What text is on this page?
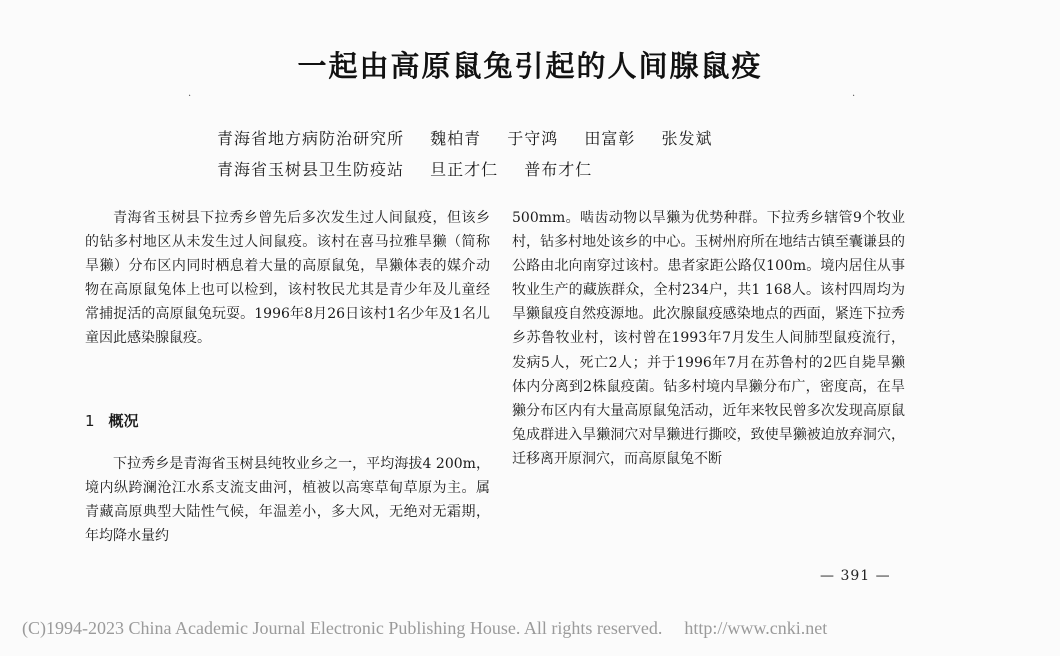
一起由高原鼠兔引起的人间腺鼠疫
.	.
青海省地方病防治研究所 魏柏青 于守鸿 田富彰 张发斌
青海省玉树县卫生防疫站 旦正才仁 普布才仁

青海省玉树县下拉秀乡曾先后多次发生过人间鼠疫，但该乡的钻多村地区从未发生过人间鼠疫。该村在喜马拉雅旱獭（简称旱獭）分布区内同时栖息着大量的高原鼠兔，旱獭体表的媒介动物在高原鼠兔体上也可以检到，该村牧民尤其是青少年及儿童经常捕捉活的高原鼠兔玩耍。1996年8月26日该村1名少年及1名儿童因此感染腺鼠疫。

1 概况

下拉秀乡是青海省玉树县纯牧业乡之一，平均海拔4 200m，境内纵跨澜沧江水系支流支曲河，植被以高寒草甸草原为主。属青藏高原典型大陆性气候，年温差小，多大风，无绝对无霜期，年均降水量约

500mm。啮齿动物以旱獭为优势种群。下拉秀乡辖管9个牧业村，钻多村地处该乡的中心。玉树州府所在地结古镇至囊谦县的公路由北向南穿过该村。患者家距公路仅100m。境内居住从事牧业生产的藏族群众，全村234户，共1 168人。该村四周均为旱獭鼠疫自然疫源地。此次腺鼠疫感染地点的西面，紧连下拉秀乡苏鲁牧业村，该村曾在1993年7月发生人间肺型鼠疫流行，发病5人，死亡2人；并于1996年7月在苏鲁村的2匹自毙旱獭体内分离到2株鼠疫菌。钻多村境内旱獭分布广，密度高，在旱獭分布区内有大量高原鼠兔活动，近年来牧民曾多次发现高原鼠兔成群进入旱獭洞穴对旱獭进行撕咬，致使旱獭被迫放弃洞穴，迁移离开原洞穴，而高原鼠兔不断

— 391 —
(C)1994-2023 China Academic Journal Electronic Publishing House. All rights reserved. http://www.cnki.net
